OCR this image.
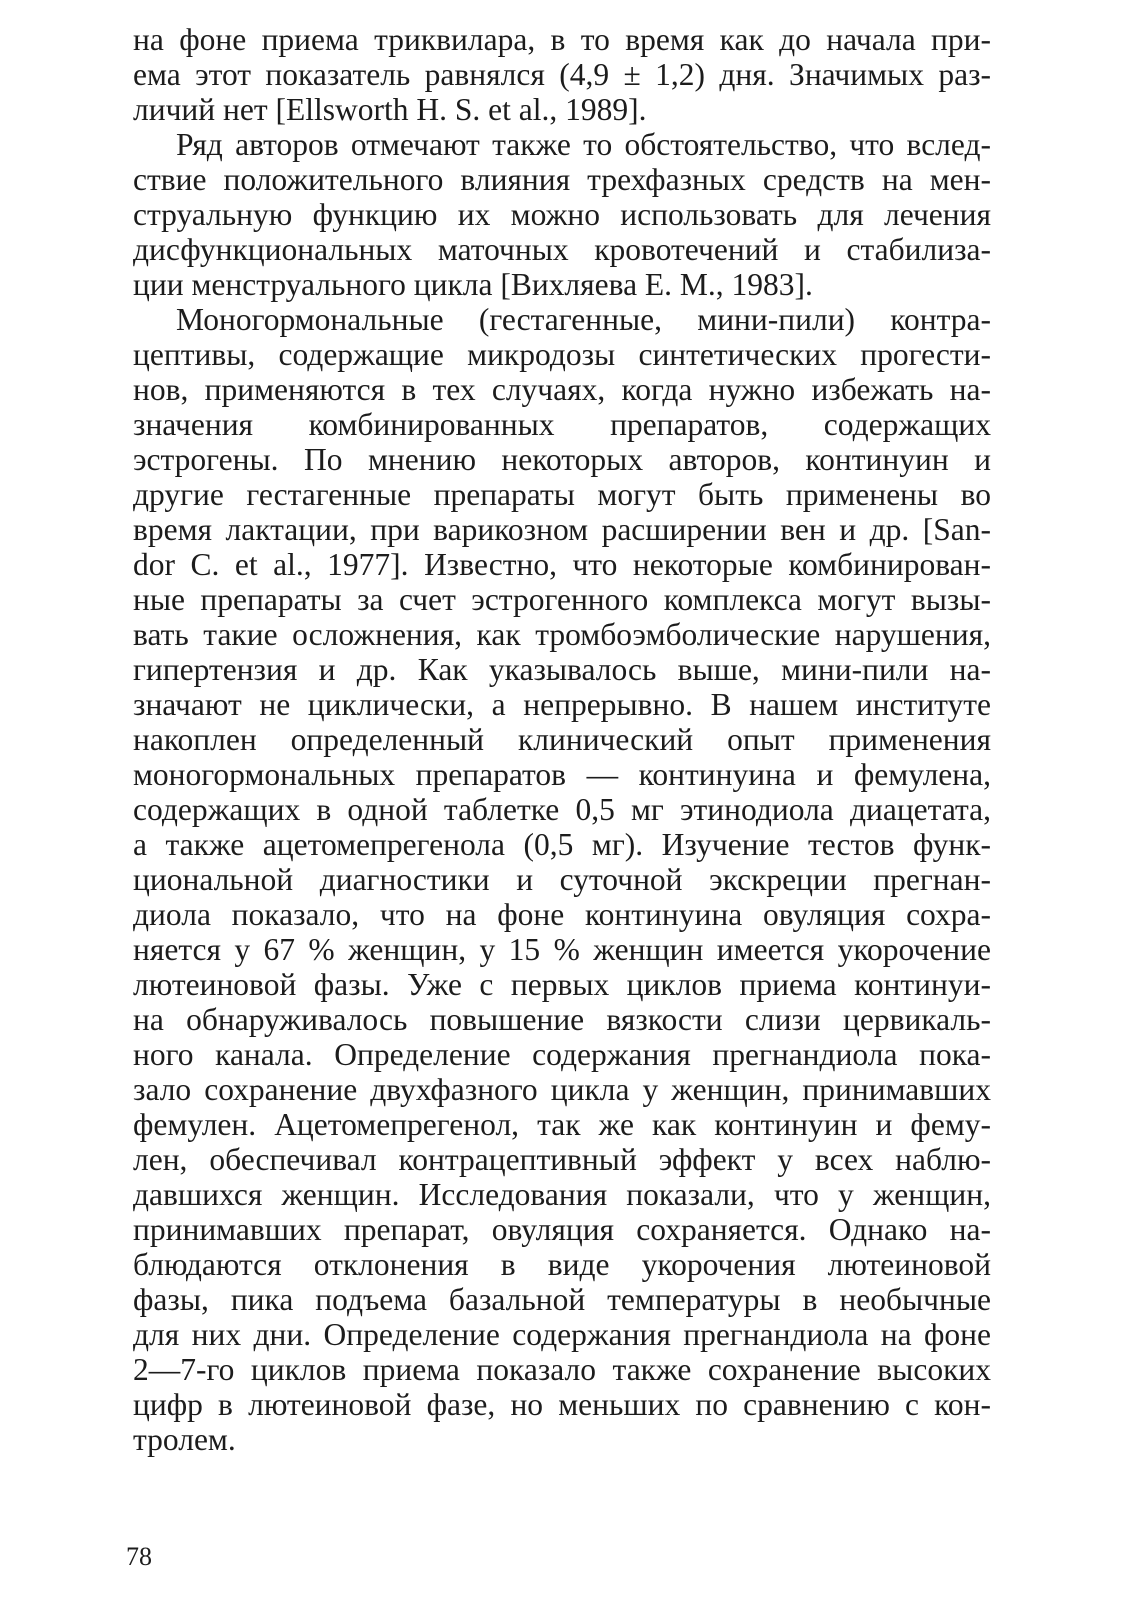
на фоне приема триквилара, в то время как до начала при-
ема этот показатель равнялся (4,9 ± 1,2) дня. Значимых раз-
личий нет [Ellsworth H. S. et al., 1989].
Ряд авторов отмечают также то обстоятельство, что вслед-
ствие положительного влияния трехфазных средств на мен-
струальную функцию их можно использовать для лечения
дисфункциональных маточных кровотечений и стабилиза-
ции менструального цикла [Вихляева Е. М., 1983].
Моногормональные (гестагенные, мини-пили) контра-
цептивы, содержащие микродозы синтетических прогести-
нов, применяются в тех случаях, когда нужно избежать на-
значения комбинированных препаратов, содержащих
эстрогены. По мнению некоторых авторов, континуин и
другие гестагенные препараты могут быть применены во
время лактации, при варикозном расширении вен и др. [San-
dor C. et al., 1977]. Известно, что некоторые комбинирован-
ные препараты за счет эстрогенного комплекса могут вызы-
вать такие осложнения, как тромбоэмболические нарушения,
гипертензия и др. Как указывалось выше, мини-пили на-
значают не циклически, а непрерывно. В нашем институте
накоплен определенный клинический опыт применения
моногормональных препаратов — континуина и фемулена,
содержащих в одной таблетке 0,5 мг этинодиола диацетата,
а также ацетомепрегенола (0,5 мг). Изучение тестов функ-
циональной диагностики и суточной экскреции прегнан-
диола показало, что на фоне континуина овуляция сохра-
няется у 67 % женщин, у 15 % женщин имеется укорочение
лютеиновой фазы. Уже с первых циклов приема континуи-
на обнаруживалось повышение вязкости слизи цервикаль-
ного канала. Определение содержания прегнандиола пока-
зало сохранение двухфазного цикла у женщин, принимавших
фемулен. Ацетомепрегенол, так же как континуин и фему-
лен, обеспечивал контрацептивный эффект у всех наблю-
давшихся женщин. Исследования показали, что у женщин,
принимавших препарат, овуляция сохраняется. Однако на-
блюдаются отклонения в виде укорочения лютеиновой
фазы, пика подъема базальной температуры в необычные
для них дни. Определение содержания прегнандиола на фоне
2—7-го циклов приема показало также сохранение высоких
цифр в лютеиновой фазе, но меньших по сравнению с кон-
тролем.
78
